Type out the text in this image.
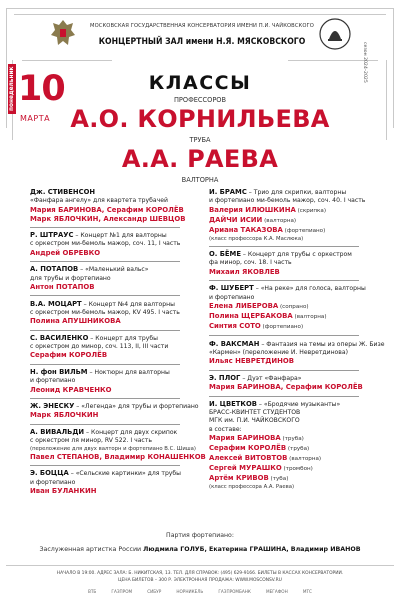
МОСКОВСКАЯ ГОСУДАРСТВЕННАЯ КОНСЕРВАТОРИЯ ИМЕНИ П.И. ЧАЙКОВСКОГО
КОНЦЕРТНЫЙ ЗАЛ имени Н.Я. МЯСКОВСКОГО	сезон 2024–2025
понедельник 10
МАРТА
КЛАССЫ
ПРОФЕССОРОВ
А.О. КОРНИЛЬЕВА
ТРУБА
А.А. РАЕВА
ВАЛТОРНА
Дж. СТИВЕНСОН
«Фанфара ангелу» для квартета трубачей
Мария БАРИНОВА, Серафим КОРОЛЁВ
Марк ЯБЛОЧКИН, Александр ШЕВЦОВ
Р. ШТРАУС – Концерт №1 для валторны
с оркестром ми-бемоль мажор, соч. 11, I часть
Андрей ОБРЕВКО
А. ПОТАПОВ – «Маленький вальс»
для трубы и фортепиано
Антон ПОТАПОВ
В.А. МОЦАРТ – Концерт №4 для валторны
с оркестром ми-бемоль мажор, KV 495. I часть
Полина АПУШНИКОВА
С. ВАСИЛЕНКО – Концерт для трубы
с оркестром до минор, соч. 113, II, III части
Серафим КОРОЛЁВ
Н. фон ВИЛЬМ – Ноктюрн для валторны
и фортепиано
Леонид КРАВЧЕНКО
Ж. ЭНЕСКУ – «Легенда» для трубы и фортепиано
Марк ЯБЛОЧКИН
А. ВИВАЛЬДИ – Концерт для двух скрипок
с оркестром ля минор, RV 522. I часть
(переложение для двух валторн и фортепиано В.С. Шиша)
Павел СТЕПАНОВ, Владимир КОНАШЕНКОВ
Э. БОЦЦА – «Сельские картинки» для трубы
и фортепиано
Иван БУЛАНКИН
И. БРАМС – Трио для скрипки, валторны
и фортепиано ми-бемоль мажор, соч. 40. I часть
Валерия ИЛЮШКИНА (скрипка)
ДАЙЧИ ИСИИ (валторна)
Ариана ТАКАЗОВА (фортепиано)
(класс профессора К.А. Маслюка)
О. БЁМЕ – Концерт для трубы с оркестром
фа минор, соч. 18. I часть
Михаил ЯКОВЛЕВ
Ф. ШУБЕРТ – «На реке» для голоса, валторны
и фортепиано
Елена ЛИБЕРОВА (сопрано)
Полина ЩЕРБАКОВА (валторна)
Синтия СОТО (фортепиано)
Ф. ВАКСМАН – Фантазия на темы из оперы Ж. Бизе
«Кармен» (переложение И. Невретдинова)
Ильяс НЕВРЕТДИНОВ
Э. ПЛОГ – Дуэт «Фанфара»
Мария БАРИНОВА, Серафим КОРОЛЁВ
И. ЦВЕТКОВ – «Бродячие музыканты»
БРАСС-КВИНТЕТ СТУДЕНТОВ
МГК им. П.И. ЧАЙКОВСКОГО
в составе:
Мария БАРИНОВА (труба)
Серафим КОРОЛЁВ (труба)
Алексей ВИТОВТОВ (валторна)
Сергей МУРАШКО (тромбон)
Артём КРИВОВ (туба)
(класс профессора А.А. Раева)
Партия фортепиано:
Заслуженная артистка России Людмила ГОЛУБ, Екатерина ГРАШИНА, Владимир ИВАНОВ
НАЧАЛО В 19:00. АДРЕС ЗАЛА: Б. НИКИТСКАЯ, 13. ТЕЛ. ДЛЯ СПРАВОК: (495) 629-9166. БИЛЕТЫ В КАССАХ КОНСЕРВАТОРИИ.
ЦЕНА БИЛЕТОВ – 300 Р. ЭЛЕКТРОННАЯ ПРОДАЖА: WWW.MOSCONSV.RU
ВТБ	ГАЗПРОМ	СИБУР	НОРНИКЕЛЬ	ГАЗПРОМБАНК	МЕГАФОН	МТС
